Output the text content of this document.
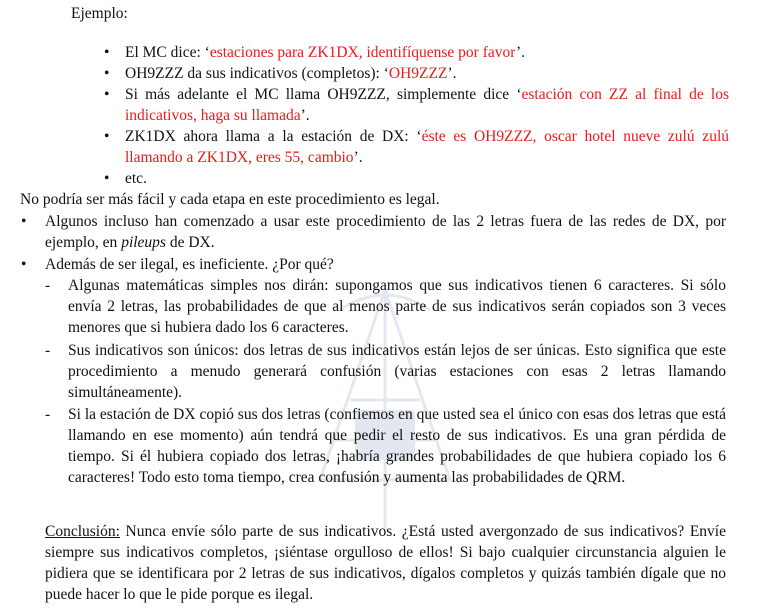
Ejemplo:
• El MC dice: ‘estaciones para ZK1DX, identifíquense por favor’.
• OH9ZZZ da sus indicativos (completos): ‘OH9ZZZ’.
• Si más adelante el MC llama OH9ZZZ, simplemente dice ‘estación con ZZ al final de los indicativos, haga su llamada’.
• ZK1DX ahora llama a la estación de DX: ‘éste es OH9ZZZ, oscar hotel nueve zulú zulú llamando a ZK1DX, eres 55, cambio’.
• etc.
No podría ser más fácil y cada etapa en este procedimiento es legal.
• Algunos incluso han comenzado a usar este procedimiento de las 2 letras fuera de las redes de DX, por ejemplo, en pileups de DX.
• Además de ser ilegal, es ineficiente. ¿Por qué?
- Algunas matemáticas simples nos dirán: supongamos que sus indicativos tienen 6 caracteres. Si sólo envía 2 letras, las probabilidades de que al menos parte de sus indicativos serán copiados son 3 veces menores que si hubiera dado los 6 caracteres.
- Sus indicativos son únicos: dos letras de sus indicativos están lejos de ser únicas. Esto significa que este procedimiento a menudo generará confusión (varias estaciones con esas 2 letras llamando simultáneamente).
- Si la estación de DX copió sus dos letras (confiemos en que usted sea el único con esas dos letras que está llamando en ese momento) aún tendrá que pedir el resto de sus indicativos. Es una gran pérdida de tiempo. Si él hubiera copiado dos letras, ¡habría grandes probabilidades de que hubiera copiado los 6 caracteres! Todo esto toma tiempo, crea confusión y aumenta las probabilidades de QRM.
Conclusión: Nunca envíe sólo parte de sus indicativos. ¿Está usted avergonzado de sus indicativos? Envíe siempre sus indicativos completos, ¡siéntase orgulloso de ellos! Si bajo cualquier circunstancia alguien le pidiera que se identificara por 2 letras de sus indicativos, dígalos completos y quizás también dígale que no puede hacer lo que le pide porque es ilegal.
